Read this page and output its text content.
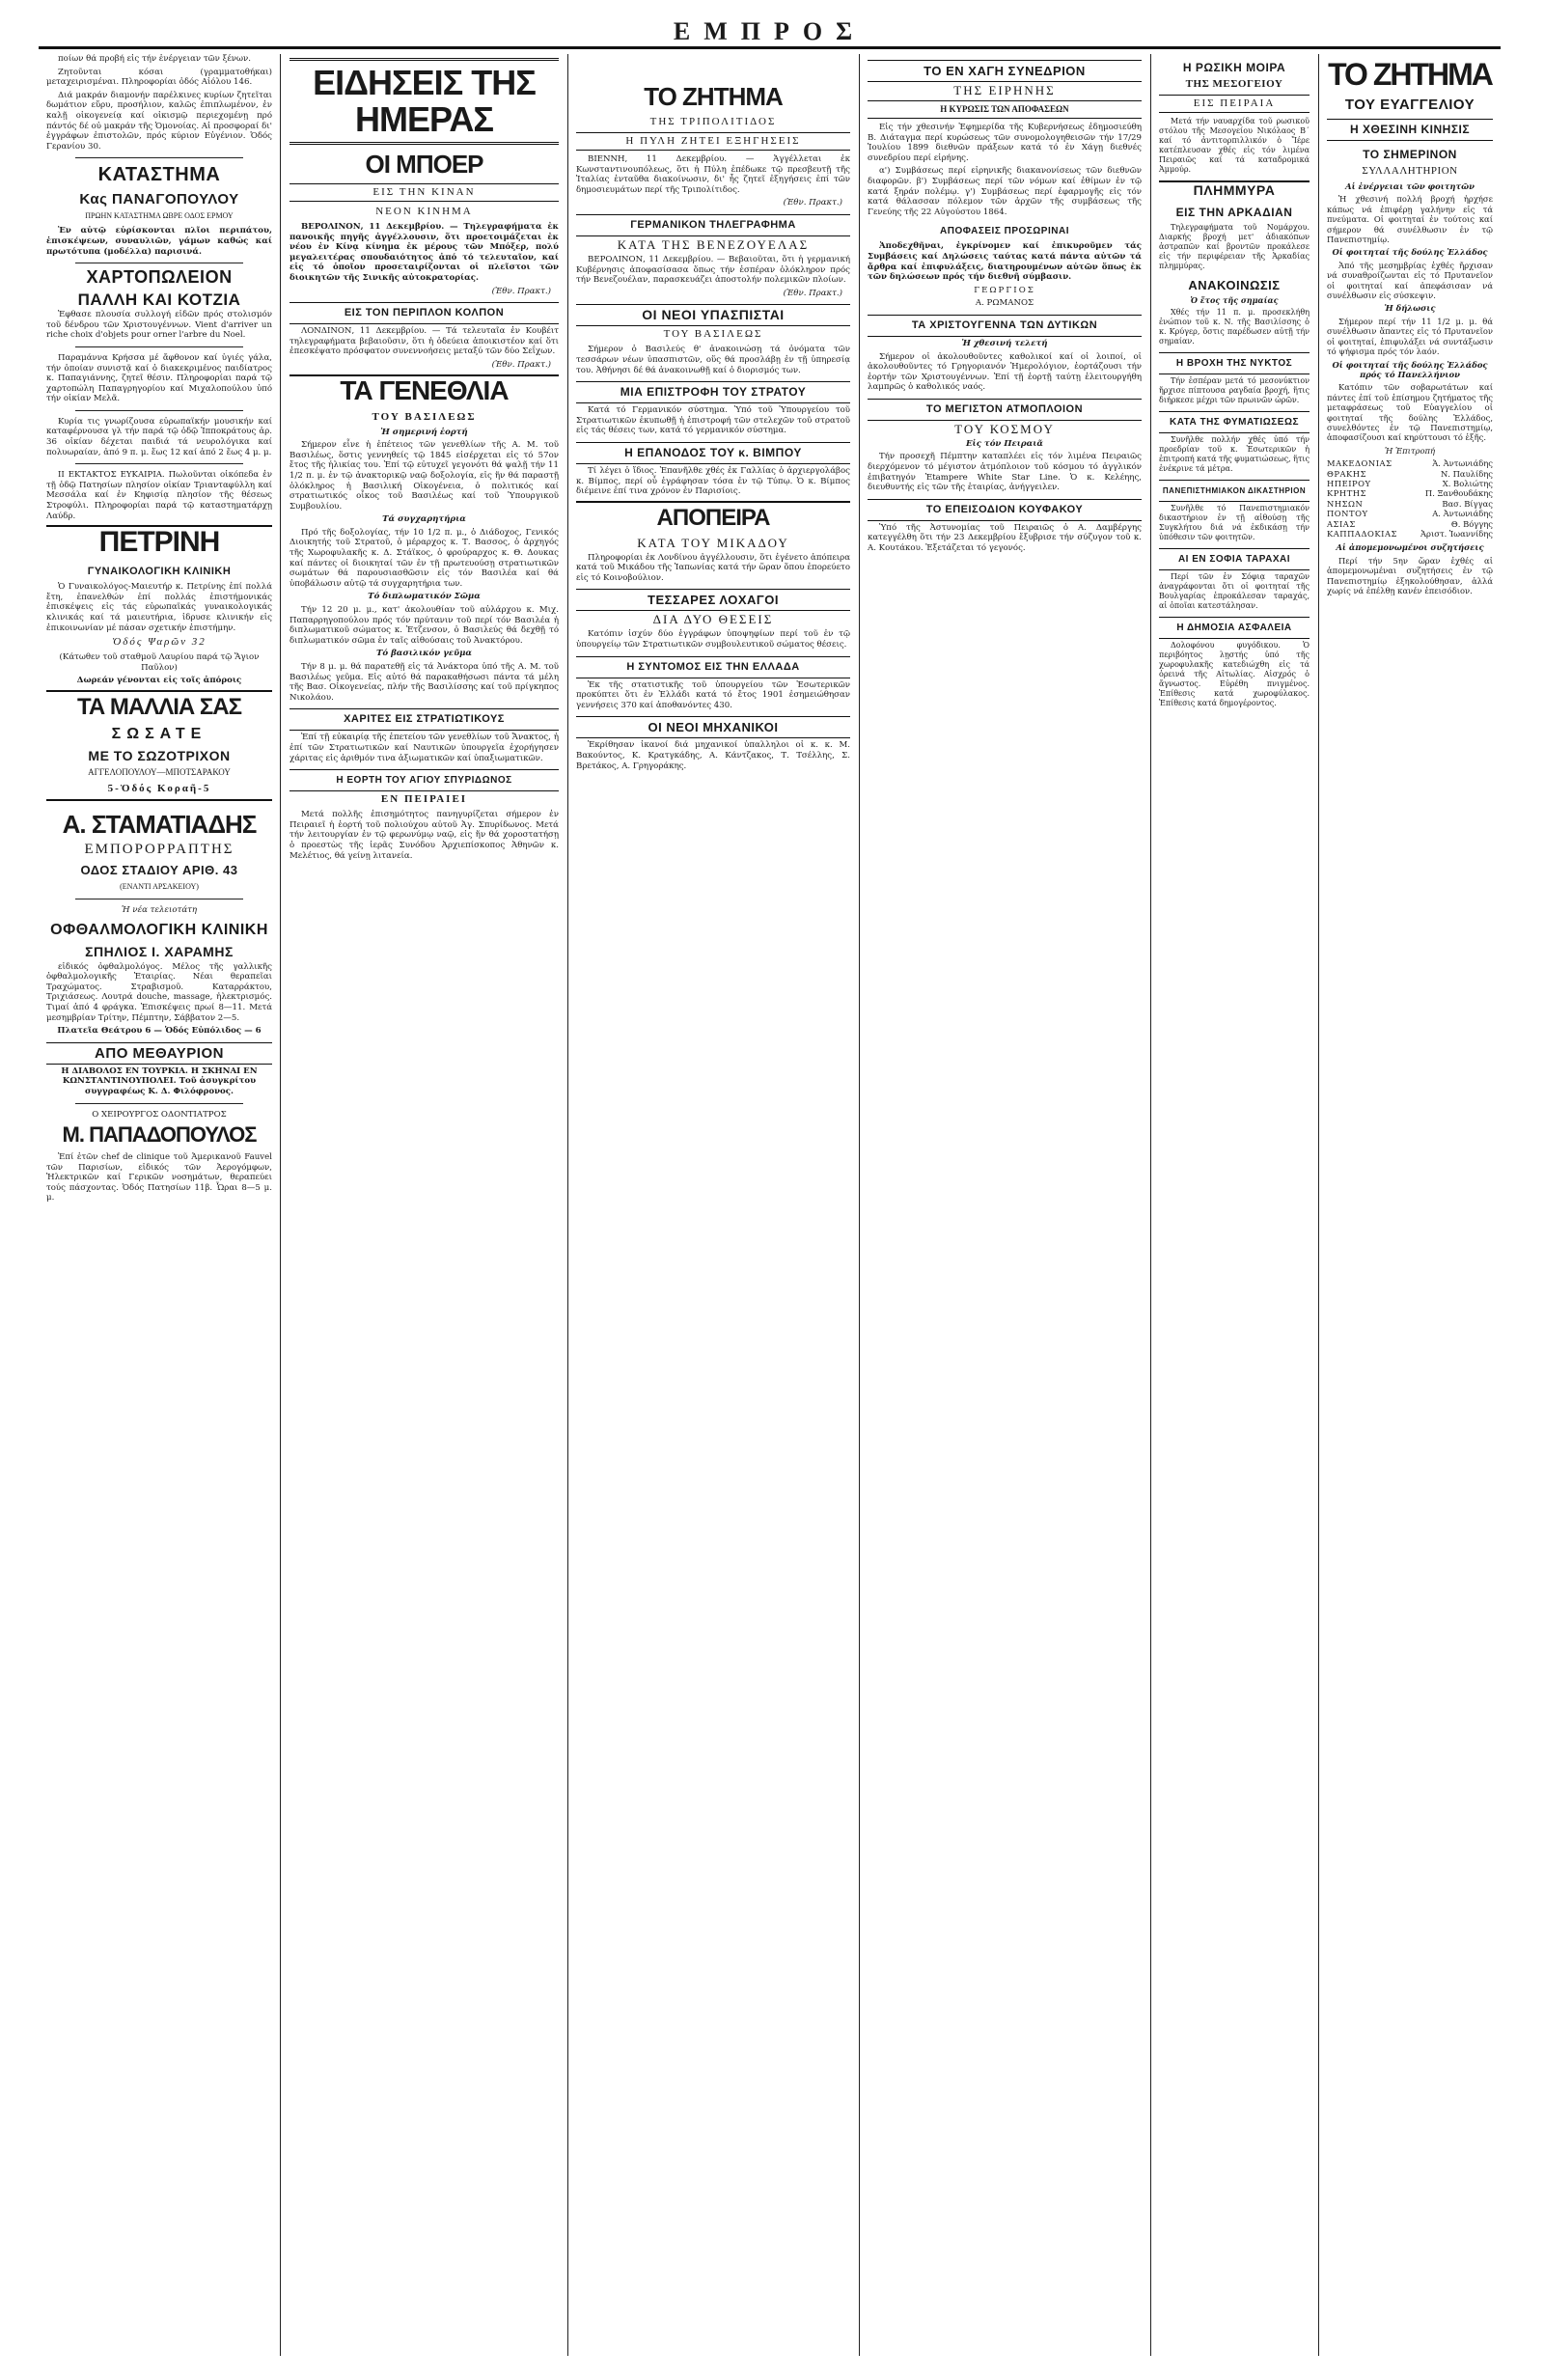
ΕΜΠΡΟΣ

ποίων θά προβή εἰς τήν ἐνέργειαν τῶν ξένων.

Ζητοῦνται κόσαι (γραμματοθήκαι) μεταχειρισμέναι. Πληροφορίαι ὁδός Αἰόλου 146.

Διά μακράν διαμονήν παρέλκινες κυρίων ζητεῖται δωμάτιον εὔρυ, προσήλιον, καλῶς ἐπιπλωμένον, ἐν καλῇ οἰκογενείᾳ καί οἰκισμῷ περιεχομένῃ πρό πάντός δέ οὐ μακράν τῆς Ὁμονοίας. Αἱ προσφοραί δι' ἐγγράφων ἐπιστολῶν, πρός κύριον Εὐγένιον. Ὁδός Γερανίου 30.

ΚΑΤΑΣΤΗΜΑ
Κας ΠΑΝΑΓΟΠΟΥΛΟΥ
ΠΡΩΗΝ ΚΑΤΑΣΤΗΜΑ ΩΒΡΕ ΟΔΟΣ ΕΡΜΟΥ

Ἐν αὐτῷ εὑρίσκονται πλῖοι περιπάτου, ἐπισκέψεων, συναυλιῶν, γάμων καθώς καί πρωτότυπα (μοδέλλα) παρισινά.

ΧΑΡΤΟΠΩΛΕΙΟΝ
ΠΑΛΛΗ ΚΑΙ ΚΟΤΖΙΑ

Ἐφθασε πλουσία συλλογή εἰδῶν πρός στολισμόν τοῦ δένδρου τῶν Χριστουγέννων. Vient d'arriver un riche choix d'objets pour orner l'arbre du Noel.

Παραμάννα Κρήσσα μέ ἄφθονον καί ὑγιές γάλα, τήν ὁποίαν συνιστᾷ καί ὁ διακεκριμένος παιδίατρος κ. Παπαγιάννης, ζητεῖ θέσιν. Πληροφορίαι παρά τῷ χαρτοπώλη Παπαγρηγορίου καί Μιχαλοπούλου ὑπό τήν οἰκίαν Μελᾶ.

Κυρία τις γνωρίζουσα εὐρωπαϊκήν μουσικήν καί καταφέρνουσα γλ τήν παρά τῷ ὁδῷ Ἱπποκράτους ἀρ. 36 οἰκίαν δέχεται παιδιά τά νευρολόγικα καί πολυωραίαν, ἀπό 9 π. μ. ἕως 12 καί ἀπό 2 ἕως 4 μ. μ.

ΙΙ ΕΚΤΑΚΤΟΣ ΕΥΚΑΙΡΙΑ. Πωλοῦνται οἰκόπεδα ἐν τῇ ὁδῷ Πατησίων πλησίον οἰκίαν Τριανταφύλλη καί Μεσσάλα καί ἐν Κηφισίᾳ πλησίον τῆς θέσεως Στροφύλι. Πληροφορίαι παρά τῷ καταστηματάρχῃ Λαύδρ.

ΠΕΤΡΙΝΗ
ΓΥΝΑΙΚΟΛΟΓΙΚΗ ΚΛΙΝΙΚΗ

Ὁ Γυναικολόγος-Μαιευτήρ κ. Πετρίνης ἐπί πολλά ἔτη, ἐπανελθών ἐπί πολλάς ἐπιστήμονικάς ἐπισκέψεις εἰς τάς εὐρωπαϊκάς γυναικολογικάς κλινικάς καί τά μαιευτήρια, ἱδρυσε κλινικήν εἰς ἐπικοινωνίαν μέ πάσαν σχετικήν ἐπιστήμην.

Ὁδός Ψαρῶν 32

(Κάτωθεν τοῦ σταθμοῦ Λαυρίου παρά τῷ Ἅγιον Παῦλον)

Δωρεάν γένονται εἰς τοῖς ἀπόροις

ΤΑ ΜΑΛΛΙΑ ΣΑΣ
ΣΩΣΑΤΕ
ΜΕ ΤΟ ΣΩΖΟΤΡΙΧΟΝ
ΑΓΓΕΛΟΠΟΥΛΟΥ—ΜΠΟΤΣΑΡΑΚΟΥ
5-Ὁδός Κοραῆ-5
Α. ΣΤΑΜΑΤΙΑΔΗΣ
ΕΜΠΟΡΟΡΡΑΠΤΗΣ
ΟΔΟΣ ΣΤΑΔΙΟΥ ΑΡΙΘ. 43
(ΕΝΑΝΤΙ ΑΡΣΑΚΕΙΟΥ)

Ἡ νέα τελειοτάτη

ΟΦΘΑΛΜΟΛΟΓΙΚΗ ΚΛΙΝΙΚΗ
ΣΠΗΛΙΟΣ Ι. ΧΑΡΑΜΗΣ

εἰδικός ὀφθαλμολόγος. Μέλος τῆς γαλλικῆς ὀφθαλμολογικῆς Ἑταιρίας. Νέαι θεραπεῖαι Τραχώματος. Στραβισμοῦ. Καταρράκτου, Τριχιάσεως. Λουτρά douche, massage, ἠλεκτρισμός. Τιμαί ἀπό 4 φράγκα. Ἐπισκέψεις πρωί 8—11. Μετά μεσημβρίαν Τρίτην, Πέμπτην, Σάββατον 2—5.

Πλατεῖα Θεάτρου 6 — Ὁδός Εὐπόλιδος — 6

ΑΠΟ ΜΕΘΑΥΡΙΟΝ

Η ΔΙΑΒΟΛΟΣ ΕΝ ΤΟΥΡΚΙΑ. Η ΣΚΗΝΑΙ ΕΝ ΚΩΝΣΤΑΝΤΙΝΟΥΠΟΛΕΙ. Τοῦ ἀσυγκρίτου συγγραφέως Κ. Δ. Φιλόφρονος.

Ο ΧΕΙΡΟΥΡΓΟΣ ΟΔΟΝΤΙΑΤΡΟΣ

Μ. ΠΑΠΑΔΟΠΟΥΛΟΣ

Ἐπί ἐτῶν chef de clinique τοῦ Ἀμερικανοῦ Fauvel τῶν Παρισίων, εἰδικός τῶν Ἀερογόμφων, Ἠλεκτρικῶν καί Γερικῶν νοσημάτων, θεραπεύει τούς πάσχοντας. Ὁδός Πατησίων 11β. Ὧραι 8—5 μ. μ.

ΕΙΔΗΣΕΙΣ ΤΗΣ ΗΜΕΡΑΣ
ΟΙ ΜΠΟΕΡ
ΕΙΣ ΤΗΝ ΚΙΝΑΝ
ΝΕΟΝ ΚΙΝΗΜΑ

ΒΕΡΟΛΙΝΟΝ, 11 Δεκεμβρίου. — Τηλεγραφήματα ἐκ πανοικῆς πηγῆς ἀγγέλλουσιν, ὅτι προετοιμάζεται ἐκ νέου ἐν Κίνᾳ κίνημα ἐκ μέρους τῶν Μπόξερ, πολύ μεγαλειτέρας σπουδαιότητος ἀπό τό τελευταῖον, καί εἰς τό ὁποῖον προσεταιρίζονται οἱ πλεῖστοι τῶν διοικητῶν τῆς Σινικῆς αὐτοκρατορίας.

(Ἐθν. Πρακτ.)

ΕΙΣ ΤΟΝ ΠΕΡΙΠΛΟΝ ΚΟΛΠΟΝ

ΛΟΝΔΙΝΟΝ, 11 Δεκεμβρίου. — Τά τελευταῖα ἐν Κουβέιτ τηλεγραφήματα βεβαιοῦσιν, ὅτι ἡ ὁδεύεια ἀποικιστέον καί ὅτι ἐπεσκέψατο πρόσφατον συνεννοήσεις μεταξύ τῶν δύο Σεΐχων.

(Ἐθν. Πρακτ.)

ΤΑ ΓΕΝΕΘΛΙΑ
ΤΟΥ ΒΑΣΙΛΕΩΣ

Ἡ σημερινή ἑορτή

Σήμερον εἶνε ἡ ἐπέτειος τῶν γενεθλίων τῆς Α. Μ. τοῦ Βασιλέως, ὅστις γεννηθείς τῷ 1845 εἰσέρχεται εἰς τό 57ον ἔτος τῆς ἡλικίας του. Ἐπί τῷ εὐτυχεῖ γεγονότι θά ψαλῇ τήν 11 1/2 π. μ. ἐν τῷ ἀνακτορικῷ ναῷ δοξολογία, εἰς ἥν θά παραστῇ ὁλόκληρος ἡ Βασιλική Οἰκογένεια, ὁ πολιτικός καί στρατιωτικός οἶκος τοῦ Βασιλέως καί τοῦ Ὑπουργικοῦ Συμβουλίου.

Τά συγχαρητήρια

Πρό τῆς δοξολογίας, τήν 10 1/2 π. μ., ὁ Διάδοχος, Γενικός Διοικητής τοῦ Στρατοῦ, ὁ μέραρχος κ. Τ. Βασσος, ὁ ἀρχηγός τῆς Χωροφυλακῆς κ. Δ. Στάϊκος, ὁ φρούραρχος κ. Θ. Δουκας καί πάντες οἱ διοικηταί τῶν ἐν τῇ πρωτευούσῃ στρατιωτικῶν σωμάτων θά παρουσιασθῶσιν εἰς τόν Βασιλέα καί θά ὑποβάλωσιν αὐτῷ τά συγχαρητήρια των.

Τό διπλωματικόν Σῶμα

Τήν 12 20 μ. μ., κατ' ἀκολουθίαν τοῦ αὐλάρχου κ. Μιχ. Παπαρρηγοπούλου πρός τόν πρύτανιν τοῦ περί τόν Βασιλέα ἡ διπλωματικοῦ σώματος κ. Ἐτζενσον, ὁ Βασιλεύς θά δεχθῇ τό διπλωματικόν σῶμα ἐν ταῖς αἰθούσαις τοῦ Ἀνακτόρου.

Τό βασιλικόν γεῦμα

Τήν 8 μ. μ. θά παρατεθῇ εἰς τά Ἀνάκτορα ὑπό τῆς Α. Μ. τοῦ Βασιλέως γεῦμα. Εἰς αὐτό θά παρακαθήσωσι πάντα τά μέλη τῆς Βασ. Οἰκογενείας, πλήν τῆς Βασιλίσσης καί τοῦ πρίγκηπος Νικολάου.

ΧΑΡΙΤΕΣ ΕΙΣ ΣΤΡΑΤΙΩΤΙΚΟΥΣ

Ἐπί τῇ εὐκαιρίᾳ τῆς ἐπετείου τῶν γενεθλίων τοῦ Ἄνακτος, ἡ ἐπί τῶν Στρατιωτικῶν καί Ναυτικῶν ὑπουργεῖα ἐχορήγησεν χάριτας εἰς ἀριθμόν τινα ἀξιωματικῶν καί ὑπαξιωματικῶν.

Η ΕΟΡΤΗ ΤΟΥ ΑΓΙΟΥ ΣΠΥΡΙΔΩΝΟΣ
ΕΝ ΠΕΙΡΑΙΕΙ

Μετά πολλῆς ἐπισημότητος πανηγυρίζεται σήμερον ἐν Πειραιεῖ ἡ ἑορτή τοῦ πολιούχου αὐτοῦ Ἁγ. Σπυρίδωνος. Μετά τήν λειτουργίαν ἐν τῷ φερωνύμῳ ναῷ, εἰς ἥν θά χοροστατήσῃ ὁ προεστὼς τῆς ἱερᾶς Συνόδου Ἀρχιεπίσκοπος Ἀθηνῶν κ. Μελέτιος, θά γείνῃ λιτανεία.

ΤΟ ΖΗΤΗΜΑ
ΤΗΣ ΤΡΙΠΟΛΙΤΙΔΟΣ
Η ΠΥΛΗ ΖΗΤΕΙ ΕΞΗΓΗΣΕΙΣ

ΒΙΕΝΝΗ, 11 Δεκεμβρίου. — Ἀγγέλλεται ἐκ Κωνσταντινουπόλεως, ὅτι ἡ Πύλη ἐπέδωκε τῷ πρεσβευτῇ τῆς Ἰταλίας ἐνταῦθα διακοίνωσιν, δι' ἧς ζητεῖ ἐξηγήσεις ἐπί τῶν δημοσιευμάτων περί τῆς Τριπολίτιδος.

(Ἐθν. Πρακτ.)

ΓΕΡΜΑΝΙΚΟΝ ΤΗΛΕΓΡΑΦΗΜΑ
ΚΑΤΑ ΤΗΣ ΒΕΝΕΖΟΥΕΛΑΣ

ΒΕΡΟΛΙΝΟΝ, 11 Δεκεμβρίου. — Βεβαιοῦται, ὅτι ἡ γερμανική Κυβέρνησις ἀποφασίσασα ὅπως τήν ἐσπέραν ὁλόκληρον πρός τήν Βενεζουέλαν, παρασκευάζει ἀποστολήν πολεμικῶν πλοίων.

(Ἐθν. Πρακτ.)

ΟΙ ΝΕΟΙ ΥΠΑΣΠΙΣΤΑΙ
ΤΟΥ ΒΑΣΙΛΕΩΣ

Σήμερον ὁ Βασιλεύς θ' ἀνακοινώσῃ τά ὀνόματα τῶν τεσσάρων νέων ὑπασπιστῶν, οὕς θά προσλάβῃ ἐν τῇ ὑπηρεσίᾳ του. Ἀθήνησι δέ θά ἀνακοινωθῇ καί ὁ διορισμός των.

ΜΙΑ ΕΠΙΣΤΡΟΦΗ ΤΟΥ ΣΤΡΑΤΟΥ

Κατά τό Γερμανικόν σύστημα. Ὑπό τοῦ Ὑπουργείου τοῦ Στρατιωτικῶν ἐκυπωθῇ ἡ ἐπιστροφή τῶν στελεχῶν τοῦ στρατοῦ εἰς τάς θέσεις των, κατά τό γερμανικόν σύστημα.

Η ΕΠΑΝΟΔΟΣ ΤΟΥ κ. ΒΙΜΠΟΥ

Τί λέγει ὁ ἴδιος. Ἐπανῆλθε χθές ἐκ Γαλλίας ὁ ἀρχιεργολάβος κ. Βίμπος, περί οὗ ἐγράφησαν τόσα ἐν τῷ Τύπῳ. Ὁ κ. Βίμπος διέμεινε ἐπί τινα χρόνον ἐν Παρισίοις.

ΑΠΟΠΕΙΡΑ
ΚΑΤΑ ΤΟΥ ΜΙΚΑΔΟΥ

Πληροφορίαι ἐκ Λονδίνου ἀγγέλλουσιν, ὅτι ἐγένετο ἀπόπειρα κατά τοῦ Μικάδου τῆς Ἰαπωνίας κατά τήν ὥραν ὅπου ἐπορεύετο εἰς τό Κοινοβούλιον.

ΤΕΣΣΑΡΕΣ ΛΟΧΑΓΟΙ
ΔΙΑ ΔΥΟ ΘΕΣΕΙΣ

Κατόπιν ἰσχύν δύο ἐγγράφων ὑποψηφίων περί τοῦ ἐν τῷ ὑπουργείῳ τῶν Στρατιωτικῶν συμβουλευτικοῦ σώματος θέσεις.

Η ΣΥΝΤΟΜΟΣ ΕΙΣ ΤΗΝ ΕΛΛΑΔΑ

Ἐκ τῆς στατιστικῆς τοῦ ὑπουργείου τῶν Ἐσωτερικῶν προκύπτει ὅτι ἐν Ἑλλάδι κατά τό ἔτος 1901 ἐσημειώθησαν γεννήσεις 370 καί ἀποθανόντες 430.

ΟΙ ΝΕΟΙ ΜΗΧΑΝΙΚΟΙ

Ἐκρίθησαν ἱκανοί διά μηχανικοί ὑπαλληλοι οἱ κ. κ. Μ. Βακούντος, Κ. Κρατγκάδης, Α. Κάντζακος, Τ. Τσέλλης, Σ. Βρετάκος, Α. Γρηγοράκης.

ΤΟ ΕΝ ΧΑΓΗ ΣΥΝΕΔΡΙΟΝ
ΤΗΣ ΕΙΡΗΝΗΣ
Η ΚΥΡΩΣΙΣ ΤΩΝ ΑΠΟΦΑΣΕΩΝ

Εἰς τήν χθεσινήν Ἐφημερίδα τῆς Κυβερνήσεως ἐδημοσιεύθη Β. Διάταγμα περί κυρώσεως τῶν συνομολογηθεισῶν τήν 17/29 Ἰουλίου 1899 διεθνῶν πράξεων κατά τό ἐν Χάγῃ διεθνές συνεδρίου περί εἰρήνης.

α') Συμβάσεως περί εἰρηνικῆς διακανονίσεως τῶν διεθνῶν διαφορῶν. β') Συμβάσεως περί τῶν νόμων καί ἐθίμων ἐν τῷ κατά ξηράν πολέμῳ. γ') Συμβάσεως περί ἐφαρμογῆς εἰς τόν κατά θάλασσαν πόλεμον τῶν ἀρχῶν τῆς συμβάσεως τῆς Γενεύης τῆς 22 Αὐγούστου 1864.

ΑΠΟΦΑΣΕΙΣ ΠΡΟΣΩΡΙΝΑΙ

Ἀποδεχθῆναι, ἐγκρίνομεν καί ἐπικυροῦμεν τάς Συμβάσεις καί Δηλώσεις ταύτας κατά πάντα αὐτῶν τά ἄρθρα καί ἐπιφυλάξεις, διατηρουμένων αὐτῶν ὅπως ἐκ τῶν δηλώσεων πρός τήν διεθνῆ σύμβασιν.

ΓΕΩΡΓΙΟΣ

Α. ΡΩΜΑΝΟΣ

ΤΑ ΧΡΙΣΤΟΥΓΕΝΝΑ ΤΩΝ ΔΥΤΙΚΩΝ

Ἡ χθεσινή τελετή

Σήμερον οἱ ἀκολουθοῦντες καθολικοί καί οἱ λοιποί, οἱ ἀκολουθοῦντες τό Γρηγοριανόν Ἡμερολόγιον, ἑορτάζουσι τήν ἑορτήν τῶν Χριστουγέννων. Ἐπί τῇ ἑορτῇ ταύτῃ ἐλειτουργήθη λαμπρῶς ὁ καθολικός ναός.

ΤΟ ΜΕΓΙΣΤΟΝ ΑΤΜΟΠΛΟΙΟΝ
ΤΟΥ ΚΟΣΜΟΥ

Εἰς τόν Πειραιᾶ

Τήν προσεχῆ Πέμπτην καταπλέει εἰς τόν λιμένα Πειραιῶς διερχόμενον τό μέγιστον ἀτμόπλοιον τοῦ κόσμου τό ἀγγλικόν ἐπιβατηγόν Ἐtampere White Star Line. Ὁ κ. Κελέηης, διευθυντής εἰς τῶν τῆς ἑταιρίας, ἀνήγγειλεν.

ΤΟ ΕΠΕΙΣΟΔΙΟΝ ΚΟΥΦΑΚΟΥ

Ὑπό τῆς Ἀστυνομίας τοῦ Πειραιῶς ὁ Α. Δαμβέργης κατεγγέλθη ὅτι τήν 23 Δεκεμβρίου ἔξυβρισε τήν σύζυγον τοῦ κ. Α. Κουτάκου. Ἐξετάζεται τό γεγονός.

Η ΡΩΣΙΚΗ ΜΟΙΡΑ
ΤΗΣ ΜΕΣΟΓΕΙΟΥ
ΕΙΣ ΠΕΙΡΑΙΑ

Μετά τήν ναυαρχίδα τοῦ ρωσικοῦ στόλου τῆς Μεσογείου Νικόλαος Β΄ καί τό ἀντιτορπιλλικόν ὁ Ἴέρε κατέπλευσαν χθές εἰς τόν λιμένα Πειραιῶς καί τά καταδρομικά Ἀμμούρ.

ΠΛΗΜΜΥΡΑ
ΕΙΣ ΤΗΝ ΑΡΚΑΔΙΑΝ

Τηλεγραφήματα τοῦ Νομάρχου. Διαρκής βροχή μετ' ἀδιακόπων ἀστραπῶν καί βροντῶν προκάλεσε εἰς τήν περιφέρειαν τῆς Ἀρκαδίας πλημμύρας.

ΑΝΑΚΟΙΝΩΣΙΣ

Ὁ ἔτος τῆς σημαίας

Χθές τήν 11 π. μ. προσεκλήθη ἐνώπιον τοῦ κ. Ν. τῆς Βασιλίσσης ὁ κ. Κρύγερ, ὅστις παρέδωσεν αὐτῇ τήν σημαίαν.

Η ΒΡΟΧΗ ΤΗΣ ΝΥΚΤΟΣ

Τήν ἐσπέραν μετά τό μεσονύκτιον ἤρχισε πίπτουσα ραγδαία βροχή, ἥτις διήρκεσε μέχρι τῶν πρωινῶν ὡρῶν.

ΚΑΤΑ ΤΗΣ ΦΥΜΑΤΙΩΣΕΩΣ

Συνῆλθε πολλήν χθές ὑπό τήν προεδρίαν τοῦ κ. Ἐσωτερικῶν ἡ ἐπιτροπή κατά τῆς φυματιώσεως, ἥτις ἐνέκρινε τά μέτρα.

ΠΑΝΕΠΙΣΤΗΜΙΑΚΟΝ ΔΙΚΑΣΤΗΡΙΟΝ

Συνῆλθε τό Πανεπιστημιακόν δικαστήριον ἐν τῇ αἰθούσῃ τῆς Συγκλήτου διά νά ἐκδικάσῃ τήν ὑπόθεσιν τῶν φοιτητῶν.

ΑΙ ΕΝ ΣΟΦΙΑ ΤΑΡΑΧΑΙ

Περί τῶν ἐν Σόφιᾳ ταραχῶν ἀναγράφονται ὅτι οἱ φοιτηταί τῆς Βουλγαρίας ἐπροκάλεσαν ταραχάς, αἱ ὁποῖαι κατεστάλησαν.

Η ΔΗΜΟΣΙΑ ΑΣΦΑΛΕΙΑ

Δολοφόνου φυγόδικου. Ὁ περιβόητος λῃστής ὑπό τῆς χωροφυλακῆς κατεδιώχθη εἰς τά ὀρεινά τῆς Αἰτωλίας. Αἰσχρός ὁ ἄγνωστος. Εὑρέθη πνιγμένος. Ἐπίθεσις κατά χωροφύλακος. Ἐπίθεσις κατά δημογέροντος.

ΤΟ ΖΗΤΗΜΑ
ΤΟΥ ΕΥΑΓΓΕΛΙΟΥ
Η ΧΘΕΣΙΝΗ ΚΙΝΗΣΙΣ
ΤΟ ΣΗΜΕΡΙΝΟΝ
ΣΥΛΛΑΛΗΤΗΡΙΟΝ

Αἱ ἐνέργειαι τῶν φοιτητῶν

Ἡ χθεσινή πολλή βροχή ἠρχήσε κάπως νά ἐπιφέρῃ γαλήνην εἰς τά πνεύματα. Οἱ φοιτηταί ἐν τούτοις καί σήμερον θά συνέλθωσιν ἐν τῷ Πανεπιστημίῳ.

Οἱ φοιτηταί τῆς δούλης Ἑλλάδος

Ἀπό τῆς μεσημβρίας ἐχθές ἤρχισαν νά συναθροίζωνται εἰς τό Πρυτανεῖον οἱ φοιτηταί καί ἀπεφάσισαν νά συνέλθωσιν εἰς σύσκεψιν.

Ἡ δήλωσις

Σήμερον περί τήν 11 1/2 μ. μ. θά συνέλθωσιν ἅπαντες εἰς τό Πρυτανεῖον οἱ φοιτηταί, ἐπιφυλάξει νά συντάξωσιν τό ψήφισμα πρός τόν λαόν.

Οἱ φοιτηταί τῆς δούλης Ἑλλάδος πρός τό Πανελλήνιον

Κατόπιν τῶν σοβαρωτάτων καί πάντες ἐπί τοῦ ἐπίσημου ζητήματος τῆς μεταφράσεως τοῦ Εὐαγγελίου οἱ φοιτηταί τῆς δούλης Ἑλλάδος, συνελθόντες ἐν τῷ Πανεπιστημίῳ, ἀποφασίζουσι καί κηρύττουσι τό ἑξῆς.

Ἡ Ἐπιτροπή

ΜΑΚΕΔΟΝΙΑΣ	Ἀ. Ἀντωνιάδης
ΘΡΑΚΗΣ	Ν. Παυλίδης
ΗΠΕΙΡΟΥ	Χ. Βολιώτης
ΚΡΗΤΗΣ	Π. Ξανθουδάκης
ΝΗΣΩΝ	Βασ. Βίγγας
ΠΟΝΤΟΥ	Α. Ἀντωνιάδης
ΑΣΙΑΣ	Θ. Βόγγης
ΚΑΠΠΑΔΟΚΙΑΣ	Ἀριστ. Ἰωαννίδης

Αἱ ἀπομεμονωμένοι συζητήσεις

Περί τήν 5ην ὥραν ἐχθές αἱ ἀπομεμονωμέναι συζητήσεις ἐν τῷ Πανεπιστημίῳ ἐξηκολούθησαν, ἀλλά χωρίς νά ἐπέλθῃ κανέν ἐπεισόδιον.
